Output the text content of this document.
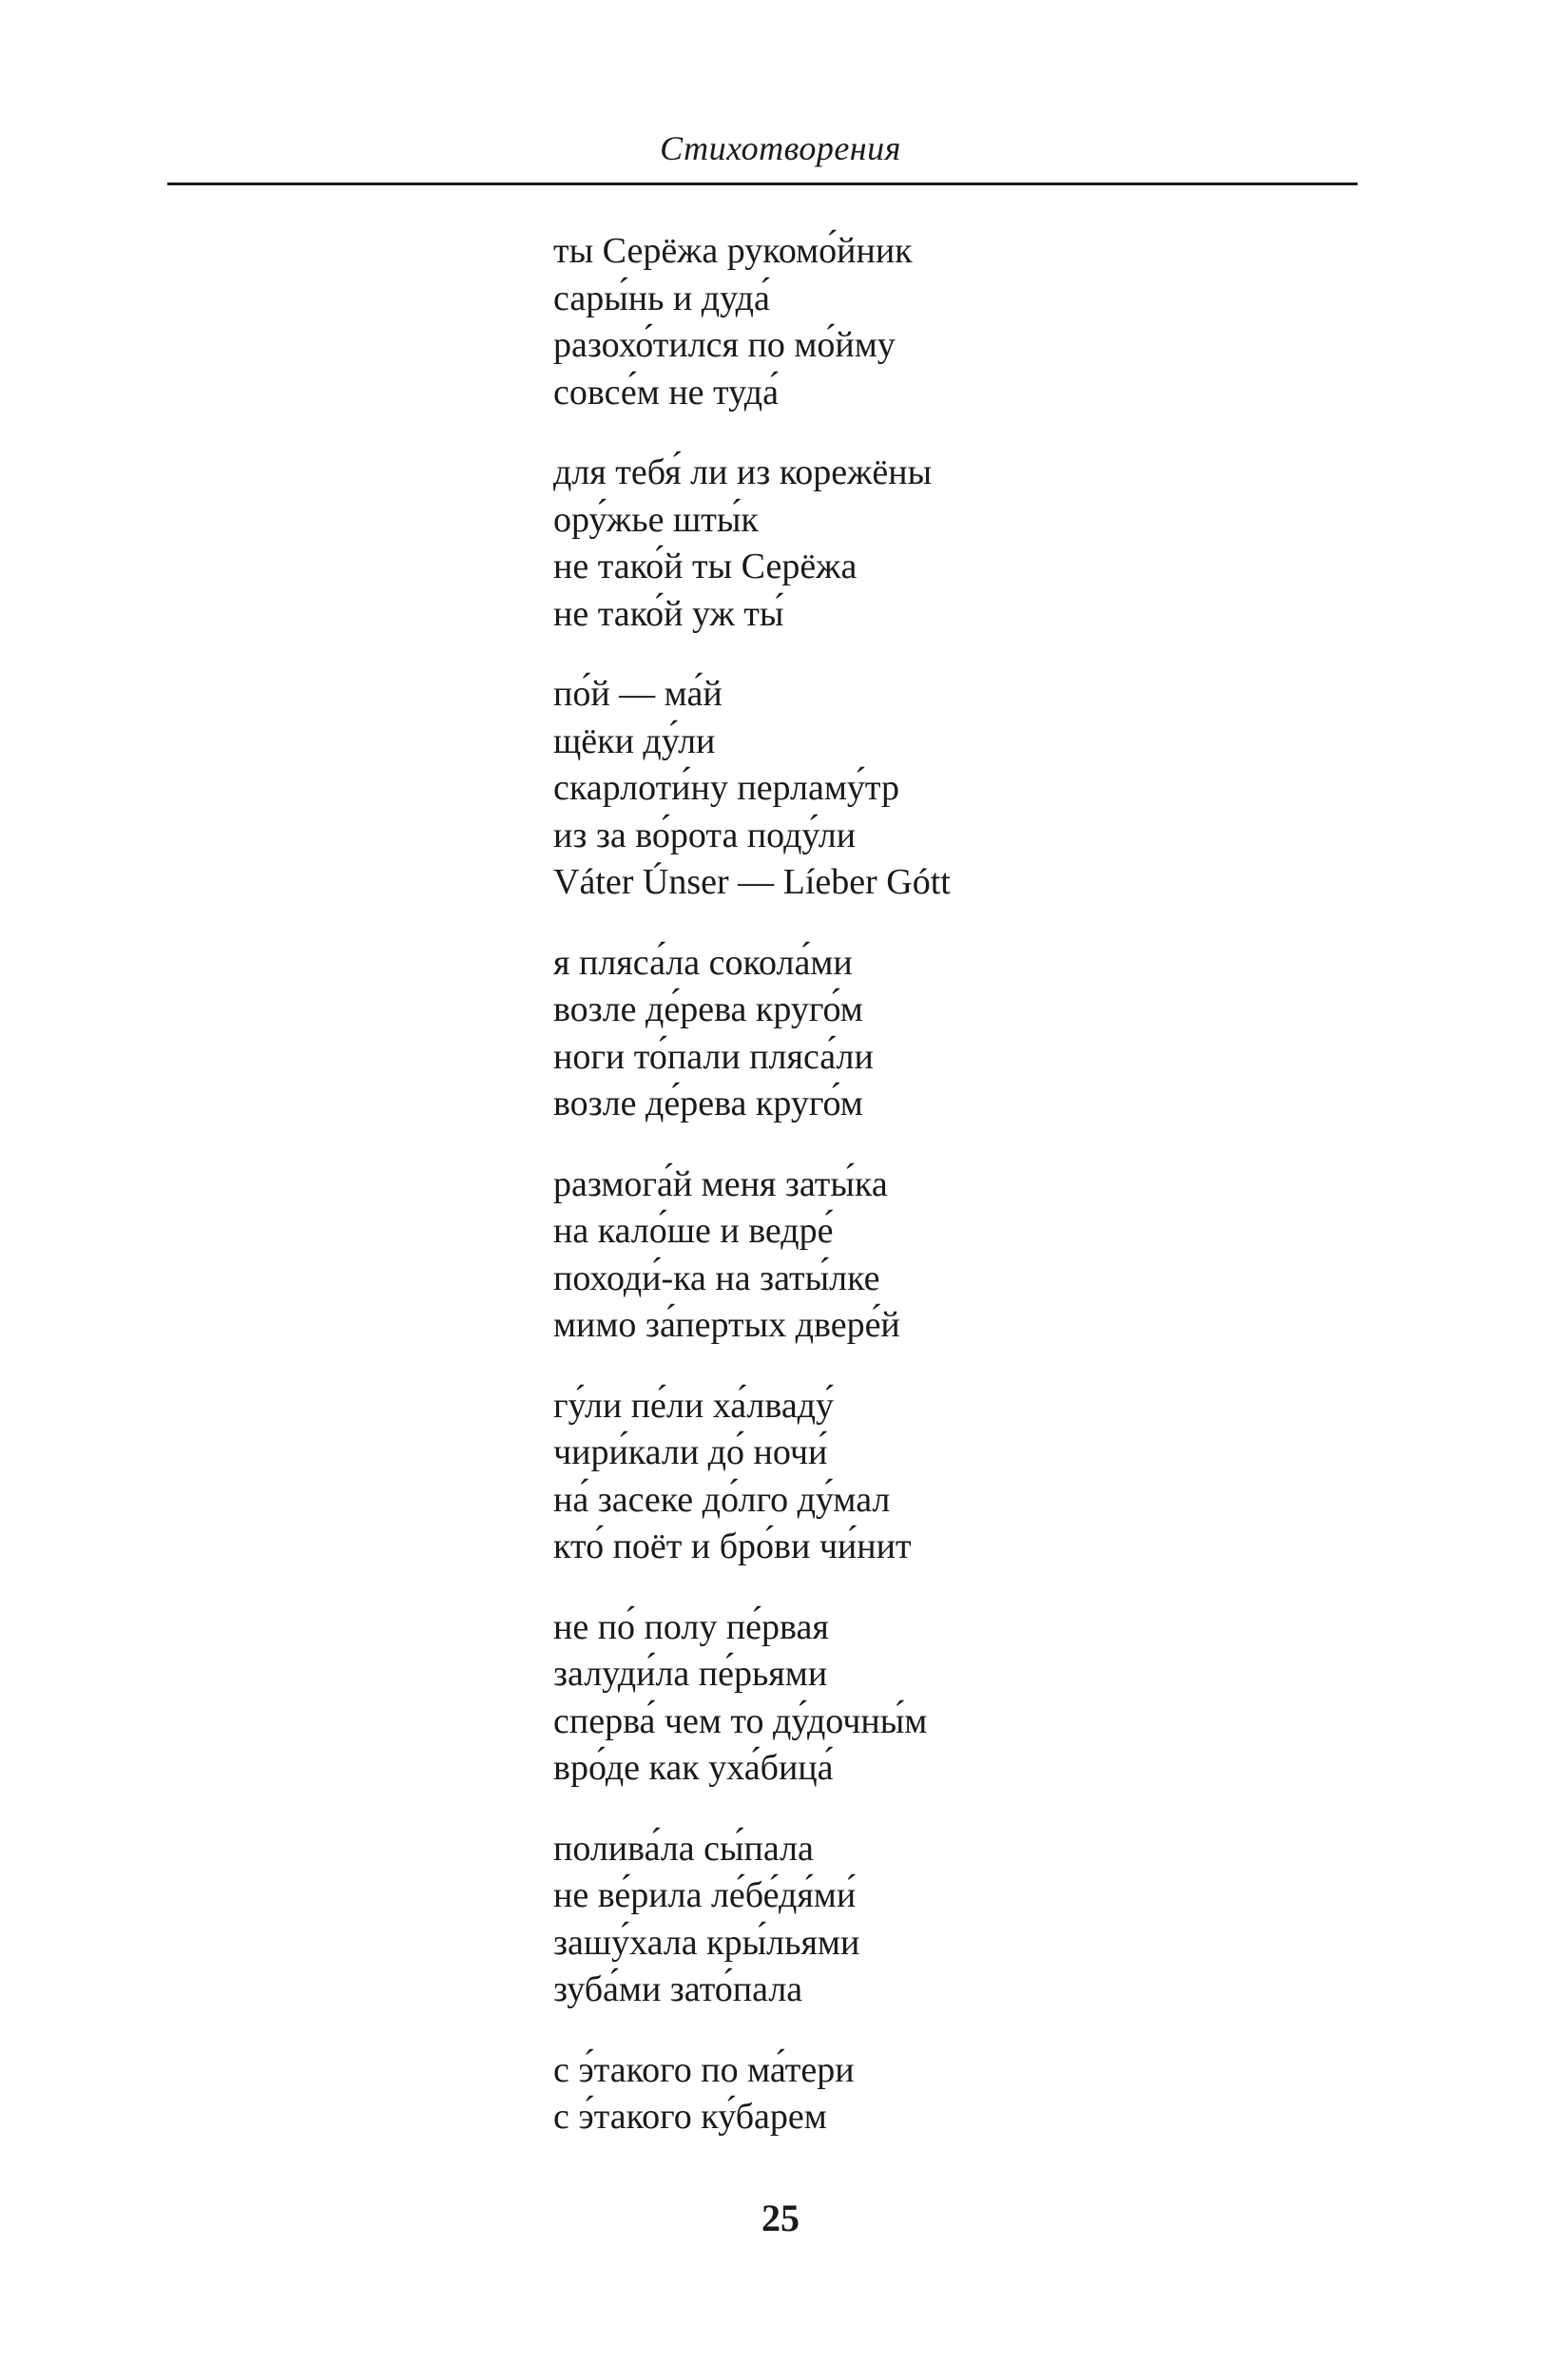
Стихотворения
ты Серёжа рукомо́йник
сары́нь и дуда́
разохо́тился по мо́йму
совсе́м не туда́
для тебя́ ли из корежёны
ору́жье шты́к
не тако́й ты Серёжа
не тако́й уж ты́
по́й — ма́й
щёки ду́ли
скарлоти́ну перламу́тр
из за во́рота поду́ли
Váter Únser — Líeber Gótt
я пляса́ла сокола́ми
возле де́рева круго́м
ноги то́пали пляса́ли
возле де́рева круго́м
размога́й меня заты́ка
на кало́ше и ведре́
походи́-ка на заты́лке
мимо за́пертых двере́й
гу́ли пе́ли ха́лваду́
чири́кали до́ ночи́
на́ засеке до́лго ду́мал
кто́ поёт и бро́ви чи́нит
не по́ полу пе́рвая
залуди́ла пе́рьями
сперва́ чем то ду́дочны́м
вро́де как уха́бица́
полива́ла сы́пала
не ве́рила ле́бе́дя́ми́
зашу́хала кры́льями
зуба́ми зато́пала
с э́такого по ма́тери
с э́такого ку́барем
25
